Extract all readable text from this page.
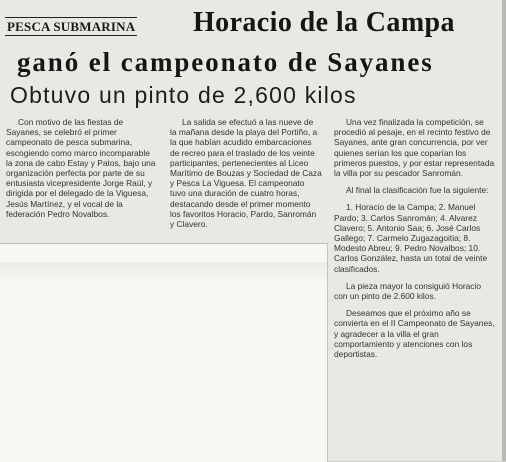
PESCA SUBMARINA Horacio de la Campa
ganó el campeonato de Sayanes
Obtuvo un pinto de 2,600 kilos

Con motivo de las fiestas de Sayanes, se celebró el primer campeonato de pesca submarina, escogiendo como marco incomparable la zona de cabo Estay y Patos, bajo una organización perfecta por parte de su entusiasta vicepresidente Jorge Raúl, y dirigida por el delegado de la Viguesa, Jesús Martínez, y el vocal de la federación Pedro Novalbos.

La salida se efectuó a las nueve de la mañana desde la playa del Portiño, a la que habían acudido embarcaciones de recreo para el traslado de los veinte participantes, pertenecientes al Liceo Marítimo de Bouzas y Sociedad de Caza y Pesca La Viguesa. El campeonato tuvo una duración de cuatro horas, destacando desde el primer momento los favoritos Horacio, Pardo, Sanromán y Clavero.

Una vez finalizada la competición, se procedió al pesaje, en el recinto festivo de Sayanes, ante gran concurrencia, por ver quienes serían los que coparían los primeros puestos, y por estar representada la villa por su pescador Sanromán.

Al final la clasificación fue la siguiente:

1. Horacio de la Campa; 2. Manuel Pardo; 3. Carlos Sanromán; 4. Alvarez Clavero; 5. Antonio Saa; 6. José Carlos Gallego; 7. Carmelo Zugazagoitia; 8. Modesto Abreu; 9. Pedro Novalbos; 10. Carlos González, hasta un total de veinte clasificados.

La pieza mayor la consiguió Horacio con un pinto de 2.600 kilos.

Deseamos que el próximo año se convierta en el II Campeonato de Sayanes, y agradecer a la villa el gran comportamiento y atenciones con los deportistas.
